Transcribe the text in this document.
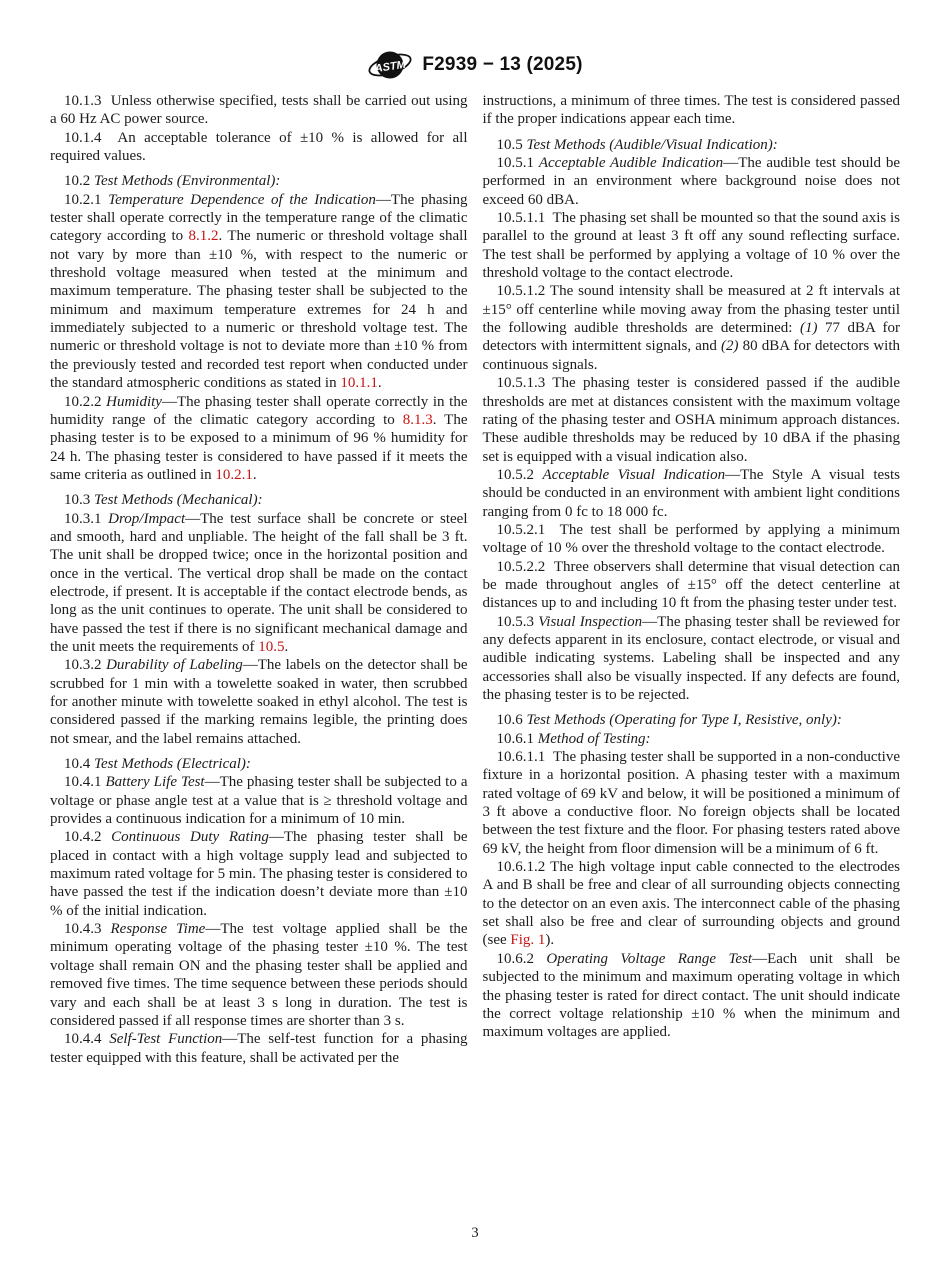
ASTM F2939 − 13 (2025)

10.1.3  Unless otherwise specified, tests shall be carried out using a 60 Hz AC power source.

10.1.4  An acceptable tolerance of ±10 % is allowed for all required values.

10.2 Test Methods (Environmental):

10.2.1 Temperature Dependence of the Indication—The phasing tester shall operate correctly in the temperature range of the climatic category according to 8.1.2. The numeric or threshold voltage shall not vary by more than ±10 %, with respect to the numeric or threshold voltage measured when tested at the minimum and maximum temperature. The phasing tester shall be subjected to the minimum and maximum temperature extremes for 24 h and immediately subjected to a numeric or threshold voltage test. The numeric or threshold voltage is not to deviate more than ±10 % from the previously tested and recorded test report when conducted under the standard atmospheric conditions as stated in 10.1.1.

10.2.2 Humidity—The phasing tester shall operate correctly in the humidity range of the climatic category according to 8.1.3. The phasing tester is to be exposed to a minimum of 96 % humidity for 24 h. The phasing tester is considered to have passed if it meets the same criteria as outlined in 10.2.1.

10.3 Test Methods (Mechanical):

10.3.1 Drop/Impact—The test surface shall be concrete or steel and smooth, hard and unpliable. The height of the fall shall be 3 ft. The unit shall be dropped twice; once in the horizontal position and once in the vertical. The vertical drop shall be made on the contact electrode, if present. It is acceptable if the contact electrode bends, as long as the unit continues to operate. The unit shall be considered to have passed the test if there is no significant mechanical damage and the unit meets the requirements of 10.5.

10.3.2 Durability of Labeling—The labels on the detector shall be scrubbed for 1 min with a towelette soaked in water, then scrubbed for another minute with towelette soaked in ethyl alcohol. The test is considered passed if the marking remains legible, the printing does not smear, and the label remains attached.

10.4 Test Methods (Electrical):

10.4.1 Battery Life Test—The phasing tester shall be subjected to a voltage or phase angle test at a value that is ≥ threshold voltage and provides a continuous indication for a minimum of 10 min.

10.4.2 Continuous Duty Rating—The phasing tester shall be placed in contact with a high voltage supply lead and subjected to maximum rated voltage for 5 min. The phasing tester is considered to have passed the test if the indication doesn’t deviate more than ±10 % of the initial indication.

10.4.3 Response Time—The test voltage applied shall be the minimum operating voltage of the phasing tester ±10 %. The test voltage shall remain ON and the phasing tester shall be applied and removed five times. The time sequence between these periods should vary and each shall be at least 3 s long in duration. The test is considered passed if all response times are shorter than 3 s.

10.4.4 Self-Test Function—The self-test function for a phasing tester equipped with this feature, shall be activated per the

instructions, a minimum of three times. The test is considered passed if the proper indications appear each time.

10.5 Test Methods (Audible/Visual Indication):

10.5.1 Acceptable Audible Indication—The audible test should be performed in an environment where background noise does not exceed 60 dBA.

10.5.1.1  The phasing set shall be mounted so that the sound axis is parallel to the ground at least 3 ft off any sound reflecting surface. The test shall be performed by applying a voltage of 10 % over the threshold voltage to the contact electrode.

10.5.1.2 The sound intensity shall be measured at 2 ft intervals at ±15° off centerline while moving away from the phasing tester until the following audible thresholds are determined: (1) 77 dBA for detectors with intermittent signals, and (2) 80 dBA for detectors with continuous signals.

10.5.1.3 The phasing tester is considered passed if the audible thresholds are met at distances consistent with the maximum voltage rating of the phasing tester and OSHA minimum approach distances. These audible thresholds may be reduced by 10 dBA if the phasing set is equipped with a visual indication also.

10.5.2 Acceptable Visual Indication—The Style A visual tests should be conducted in an environment with ambient light conditions ranging from 0 fc to 18 000 fc.

10.5.2.1  The test shall be performed by applying a minimum voltage of 10 % over the threshold voltage to the contact electrode.

10.5.2.2  Three observers shall determine that visual detection can be made throughout angles of ±15° off the detect centerline at distances up to and including 10 ft from the phasing tester under test.

10.5.3 Visual Inspection—The phasing tester shall be reviewed for any defects apparent in its enclosure, contact electrode, or visual and audible indicating systems. Labeling shall be inspected and any accessories shall also be visually inspected. If any defects are found, the phasing tester is to be rejected.

10.6 Test Methods (Operating for Type I, Resistive, only):

10.6.1 Method of Testing:

10.6.1.1  The phasing tester shall be supported in a non-conductive fixture in a horizontal position. A phasing tester with a maximum rated voltage of 69 kV and below, it will be positioned a minimum of 3 ft above a conductive floor. No foreign objects shall be located between the test fixture and the floor. For phasing testers rated above 69 kV, the height from floor dimension will be a minimum of 6 ft.

10.6.1.2 The high voltage input cable connected to the electrodes A and B shall be free and clear of all surrounding objects connecting to the detector on an even axis. The interconnect cable of the phasing set shall also be free and clear of surrounding objects and ground (see Fig. 1).

10.6.2 Operating Voltage Range Test—Each unit shall be subjected to the minimum and maximum operating voltage in which the phasing tester is rated for direct contact. The unit should indicate the correct voltage relationship ±10 % when the minimum and maximum voltages are applied.

3
